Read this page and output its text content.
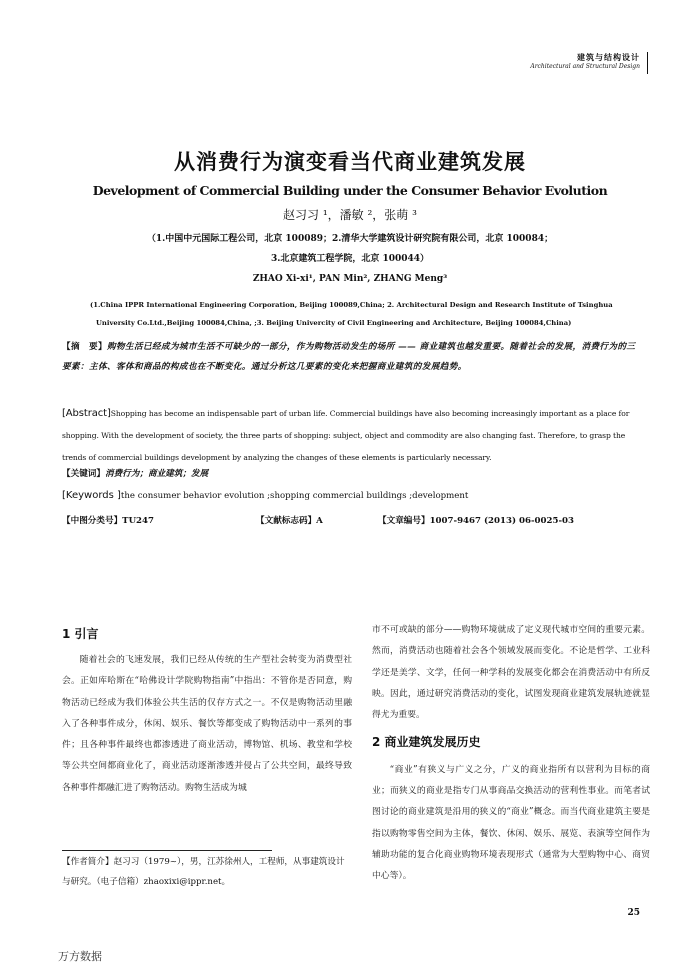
建筑与结构设计
Architectural and Structural Design
从消费行为演变看当代商业建筑发展
Development of Commercial Building under the Consumer Behavior Evolution
赵习习 ¹，潘敏 ²，张萌 ³
（1.中国中元国际工程公司，北京 100089；2.清华大学建筑设计研究院有限公司，北京 100084；
3.北京建筑工程学院，北京 100044）
ZHAO Xi-xi¹, PAN Min², ZHANG Meng³
(1.China IPPR International Engineering Corporation, Beijing 100089,China; 2. Architectural Design and Research Institute of Tsinghua University Co.Ltd.,Beijing 100084,China, ;3. Beijing Univercity of Civil Engineering and Architecture, Beijing 100084,China)
【摘　要】购物生活已经成为城市生活不可缺少的一部分，作为购物活动发生的场所 —— 商业建筑也越发重要。随着社会的发展，消费行为的三要素：主体、客体和商品的构成也在不断变化。通过分析这几要素的变化来把握商业建筑的发展趋势。
[Abstract]Shopping has become an indispensable part of urban life. Commercial buildings have also becoming increasingly important as a place for shopping. With the development of society, the three parts of shopping: subject, object and commodity are also changing fast. Therefore, to grasp the trends of commercial buildings development by analyzing the changes of these elements is particularly necessary.
【关键词】消费行为；商业建筑；发展
[Keywords ]the consumer behavior evolution ;shopping commercial buildings ;development
【中图分类号】TU247	【文献标志码】A	【文章编号】1007-9467 (2013) 06-0025-03
1 引言

随着社会的飞速发展，我们已经从传统的生产型社会转变为消费型社会。正如库哈斯在“哈佛设计学院购物指南”中指出：不管你是否同意，购物活动已经成为我们体验公共生活的仅存方式之一。不仅是购物活动里融入了各种事件成分，休闲、娱乐、餐饮等都变成了购物活动中一系列的事件；且各种事件最终也都渗透进了商业活动，博物馆、机场、教堂和学校等公共空间都商业化了，商业活动逐渐渗透并侵占了公共空间，最终导致各种事件都融汇进了购物活动。购物生活成为城

市不可或缺的部分——购物环境就成了定义现代城市空间的重要元素。然而，消费活动也随着社会各个领域发展而变化。不论是哲学、工业科学还是美学、文学，任何一种学科的发展变化都会在消费活动中有所反映。因此，通过研究消费活动的变化，试图发现商业建筑发展轨迹就显得尤为重要。

2 商业建筑发展历史

“商业”有狭义与广义之分，广义的商业指所有以营利为目标的商业；而狭义的商业是指专门从事商品交换活动的营利性事业。而笔者试图讨论的商业建筑是沿用的狭义的“商业”概念。而当代商业建筑主要是指以购物零售空间为主体，餐饮、休闲、娱乐、展览、表演等空间作为辅助功能的复合化商业购物环境表现形式（通常为大型购物中心、商贸中心等）。

【作者简介】赵习习（1979~），男，江苏徐州人，工程师，从事建筑设计与研究。（电子信箱）zhaoxixi@ippr.net。
25
万方数据
